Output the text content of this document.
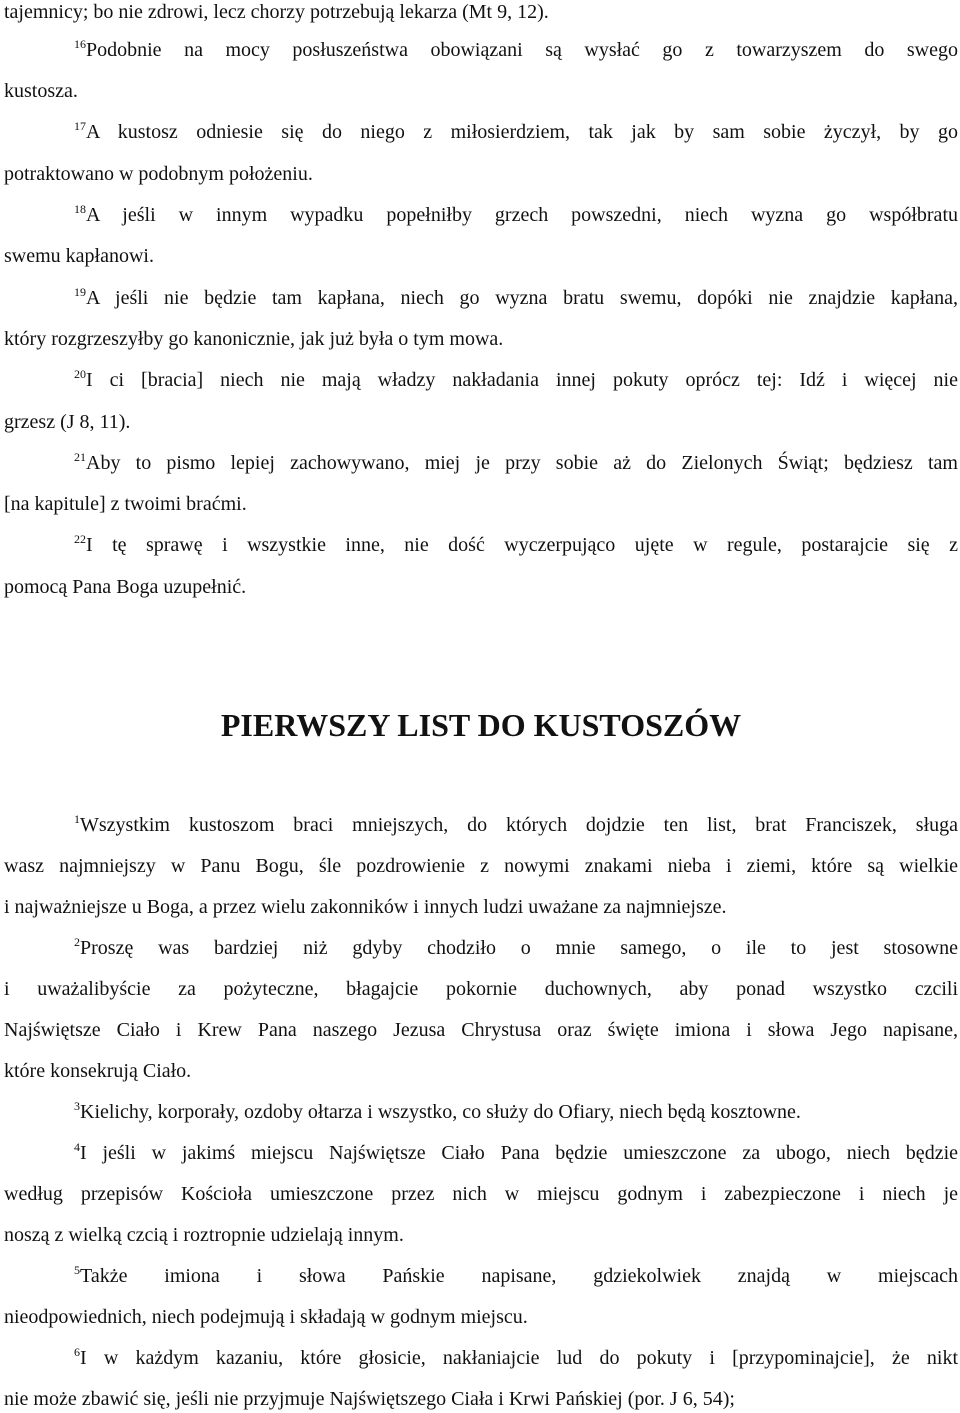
tajemnicy; bo nie zdrowi, lecz chorzy potrzebują lekarza (Mt 9, 12).
$^{16}$Podobnie na mocy posłuszeństwa obowiązani są wysłać go z towarzyszem do swego
kustosza.
$^{17}$A kustosz odniesie się do niego z miłosierdziem, tak jak by sam sobie życzył, by go
potraktowano w podobnym położeniu.
$^{18}$A jeśli w innym wypadku popełniłby grzech powszedni, niech wyzna go współbratu
swemu kapłanowi.
$^{19}$A jeśli nie będzie tam kapłana, niech go wyzna bratu swemu, dopóki nie znajdzie kapłana,
który rozgrzeszyłby go kanonicznie, jak już była o tym mowa.
$^{20}$I ci [bracia] niech nie mają władzy nakładania innej pokuty oprócz tej: Idź i więcej nie
grzesz (J 8, 11).
$^{21}$Aby to pismo lepiej zachowywano, miej je przy sobie aż do Zielonych Świąt; będziesz tam
[na kapitule] z twoimi braćmi.
$^{22}$I tę sprawę i wszystkie inne, nie dość wyczerpująco ujęte w regule, postarajcie się z
pomocą Pana Boga uzupełnić.
PIERWSZY LIST DO KUSTOSZÓW
$^1$Wszystkim kustoszom braci mniejszych, do których dojdzie ten list, brat Franciszek, sługa
wasz najmniejszy w Panu Bogu, śle pozdrowienie z nowymi znakami nieba i ziemi, które są wielkie
i najważniejsze u Boga, a przez wielu zakonników i innych ludzi uważane za najmniejsze.
$^2$Proszę was bardziej niż gdyby chodziło o mnie samego, o ile to jest stosowne
i uważalibyście za pożyteczne, błagajcie pokornie duchownych, aby ponad wszystko czcili
Najświętsze Ciało i Krew Pana naszego Jezusa Chrystusa oraz święte imiona i słowa Jego napisane,
które konsekrują Ciało.
$^3$Kielichy, korporały, ozdoby ołtarza i wszystko, co służy do Ofiary, niech będą kosztowne.
$^4$I jeśli w jakimś miejscu Najświętsze Ciało Pana będzie umieszczone za ubogo, niech będzie
według przepisów Kościoła umieszczone przez nich w miejscu godnym i zabezpieczone i niech je
noszą z wielką czcią i roztropnie udzielają innym.
$^5$Także imiona i słowa Pańskie napisane, gdziekolwiek znajdą w miejscach
nieodpowiednich, niech podejmują i składają w godnym miejscu.
$^6$I w każdym kazaniu, które głosicie, nakłaniajcie lud do pokuty i [przypominajcie], że nikt
nie może zbawić się, jeśli nie przyjmuje Najświętszego Ciała i Krwi Pańskiej (por. J 6, 54);
